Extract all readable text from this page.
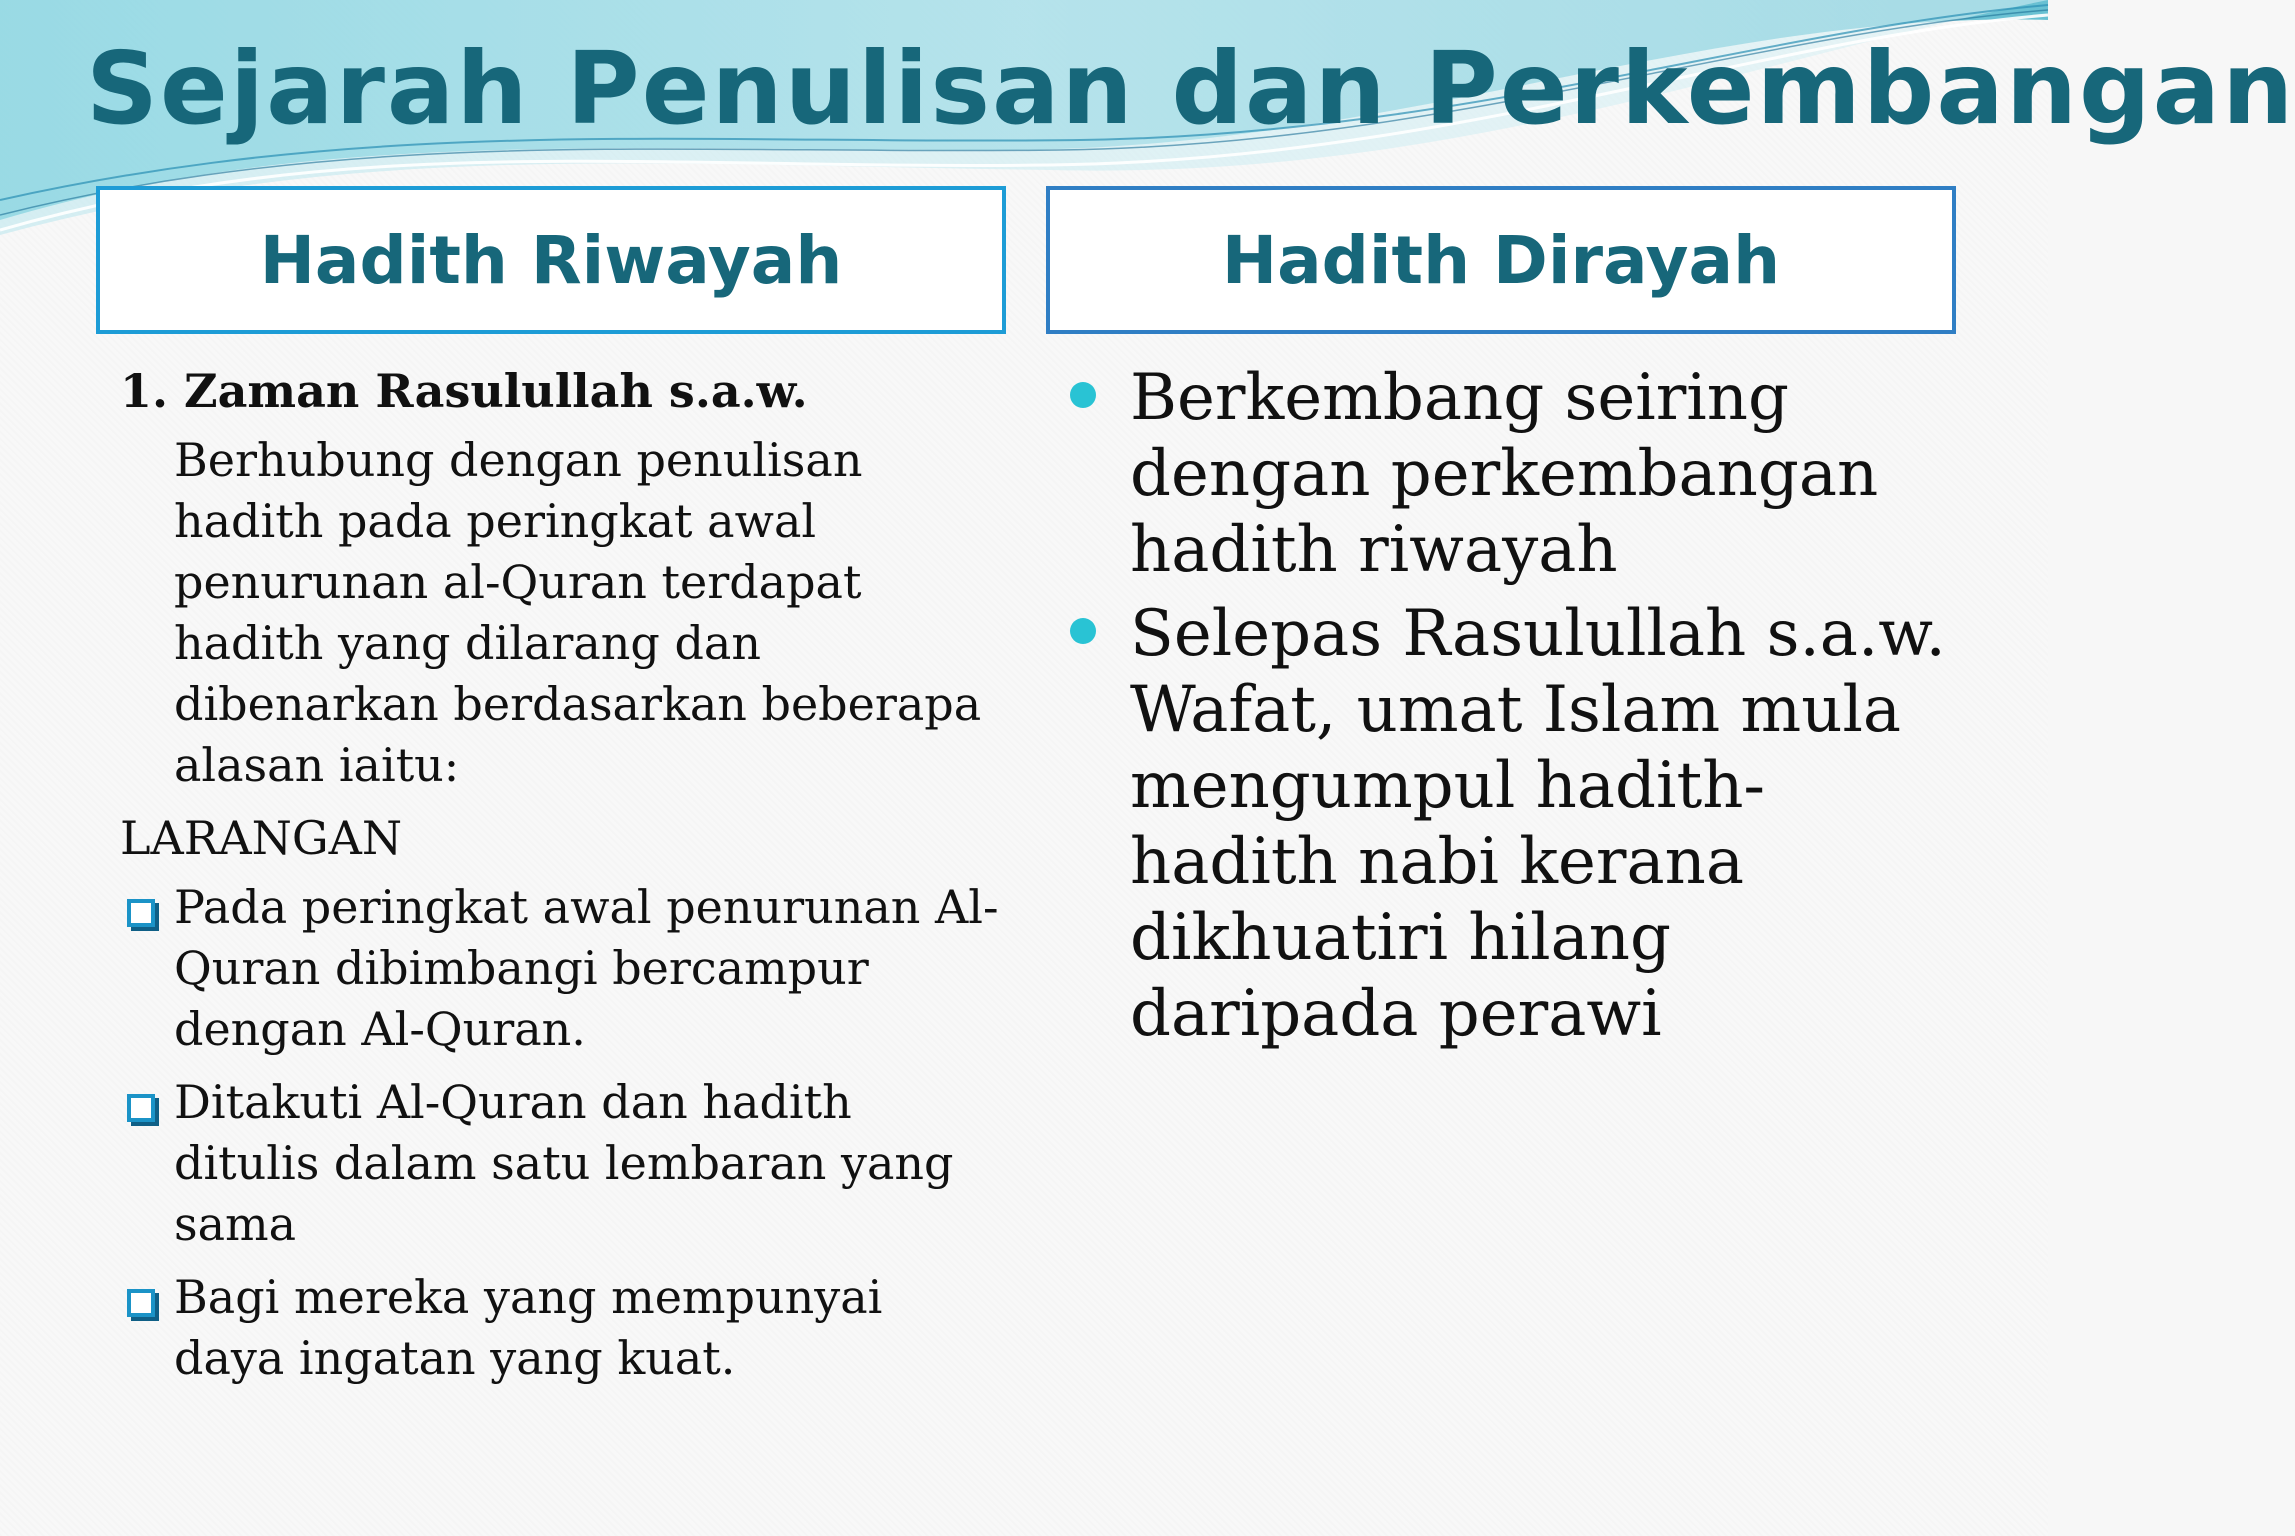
Sejarah Penulisan dan Perkembangan
Hadith Riwayah	Hadith Dirayah

1. Zaman Rasulullah s.a.w.

Berhubung dengan penulisan hadith pada peringkat awal penurunan al-Quran terdapat hadith yang dilarang dan dibenarkan berdasarkan beberapa alasan iaitu:

LARANGAN

Pada peringkat awal penurunan Al-Quran dibimbangi bercampur dengan Al-Quran.
Ditakuti Al-Quran dan hadith ditulis dalam satu lembaran yang sama
Bagi mereka yang mempunyai daya ingatan yang kuat.
Berkembang seiring dengan perkembangan hadith riwayah
Selepas Rasulullah s.a.w. Wafat, umat Islam mula mengumpul hadith-hadith nabi kerana dikhuatiri hilang daripada perawi
